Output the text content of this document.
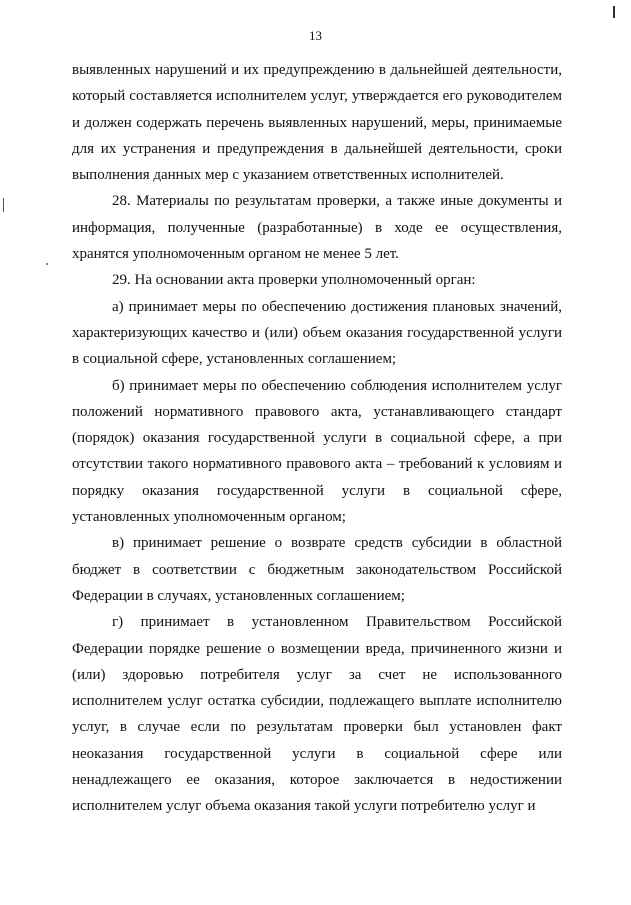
13

выявленных нарушений и их предупреждению в дальнейшей деятельности, который составляется исполнителем услуг, утверждается его руководителем и должен содержать перечень выявленных нарушений, меры, принимаемые для их устранения и предупреждения в дальнейшей деятельности, сроки выполнения данных мер с указанием ответственных исполнителей.

28. Материалы по результатам проверки, а также иные документы и информация, полученные (разработанные) в ходе ее осуществления, хранятся уполномоченным органом не менее 5 лет.

29. На основании акта проверки уполномоченный орган:

а) принимает меры по обеспечению достижения плановых значений, характеризующих качество и (или) объем оказания государственной услуги в социальной сфере, установленных соглашением;

б) принимает меры по обеспечению соблюдения исполнителем услуг положений нормативного правового акта, устанавливающего стандарт (порядок) оказания государственной услуги в социальной сфере, а при отсутствии такого нормативного правового акта – требований к условиям и порядку оказания государственной услуги в социальной сфере, установленных уполномоченным органом;

в) принимает решение о возврате средств субсидии в областной бюджет в соответствии с бюджетным законодательством Российской Федерации в случаях, установленных соглашением;

г) принимает в установленном Правительством Российской Федерации порядке решение о возмещении вреда, причиненного жизни и (или) здоровью потребителя услуг за счет не использованного исполнителем услуг остатка субсидии, подлежащего выплате исполнителю услуг, в случае если по результатам проверки был установлен факт неоказания государственной услуги в социальной сфере или ненадлежащего ее оказания, которое заключается в недостижении исполнителем услуг объема оказания такой услуги потребителю услуг и
